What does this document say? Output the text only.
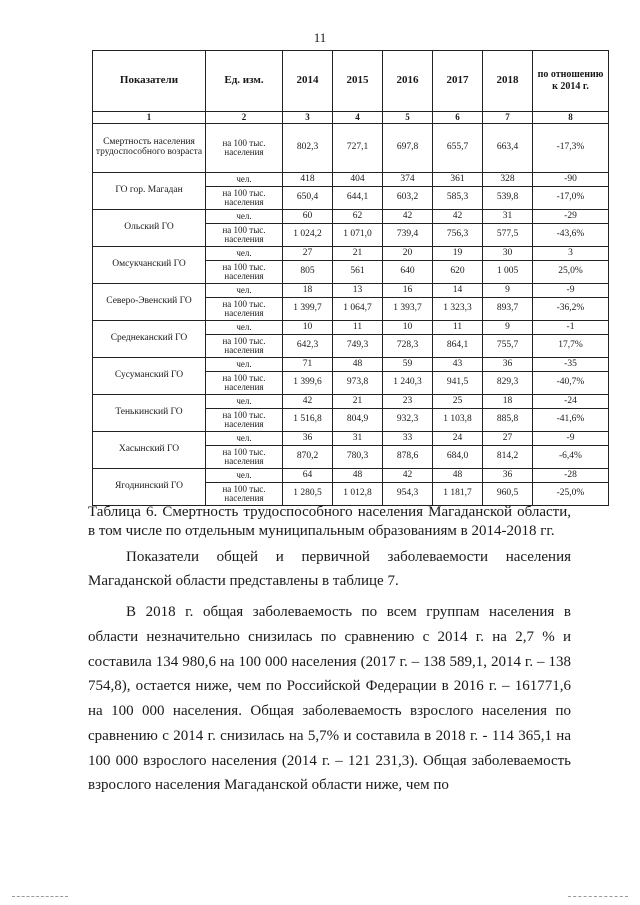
11
Показатели	Ед. изм.	2014	2015	2016	2017	2018	по отношению к 2014 г.
1	2	3	4	5	6	7	8
Смертность населения трудоспособного возраста	на 100 тыс. населения	802,3	727,1	697,8	655,7	663,4	-17,3%
ГО гор. Магадан	чел.	418	404	374	361	328	-90
	на 100 тыс. населения	650,4	644,1	603,2	585,3	539,8	-17,0%
Ольский ГО	чел.	60	62	42	42	31	-29
	на 100 тыс. населения	1 024,2	1 071,0	739,4	756,3	577,5	-43,6%
Омсукчанский ГО	чел.	27	21	20	19	30	3
	на 100 тыс. населения	805	561	640	620	1 005	25,0%
Северо-Эвенский ГО	чел.	18	13	16	14	9	-9
	на 100 тыс. населения	1 399,7	1 064,7	1 393,7	1 323,3	893,7	-36,2%
Среднеканский ГО	чел.	10	11	10	11	9	-1
	на 100 тыс. населения	642,3	749,3	728,3	864,1	755,7	17,7%
Сусуманский ГО	чел.	71	48	59	43	36	-35
	на 100 тыс. населения	1 399,6	973,8	1 240,3	941,5	829,3	-40,7%
Тенькинский ГО	чел.	42	21	23	25	18	-24
	на 100 тыс. населения	1 516,8	804,9	932,3	1 103,8	885,8	-41,6%
Хасынский ГО	чел.	36	31	33	24	27	-9
	на 100 тыс. населения	870,2	780,3	878,6	684,0	814,2	-6,4%
Ягоднинский ГО	чел.	64	48	42	48	36	-28
	на 100 тыс. населения	1 280,5	1 012,8	954,3	1 181,7	960,5	-25,0%

Таблица 6. Смертность трудоспособного населения Магаданской области, в том числе по отдельным муниципальным образованиям в 2014-2018 гг.

Показатели общей и первичной заболеваемости населения Магаданской области представлены в таблице 7.

В 2018 г. общая заболеваемость по всем группам населения в области незначительно снизилась по сравнению с 2014 г. на 2,7 % и составила 134 980,6 на 100 000 населения (2017 г. – 138 589,1, 2014 г. – 138 754,8), остается ниже, чем по Российской Федерации в 2016 г. – 161771,6 на 100 000 населения. Общая заболеваемость взрослого населения по сравнению с 2014 г. снизилась на 5,7% и составила в 2018 г. - 114 365,1 на 100 000 взрослого населения (2014 г. – 121 231,3). Общая заболеваемость взрослого населения Магаданской области ниже, чем по
